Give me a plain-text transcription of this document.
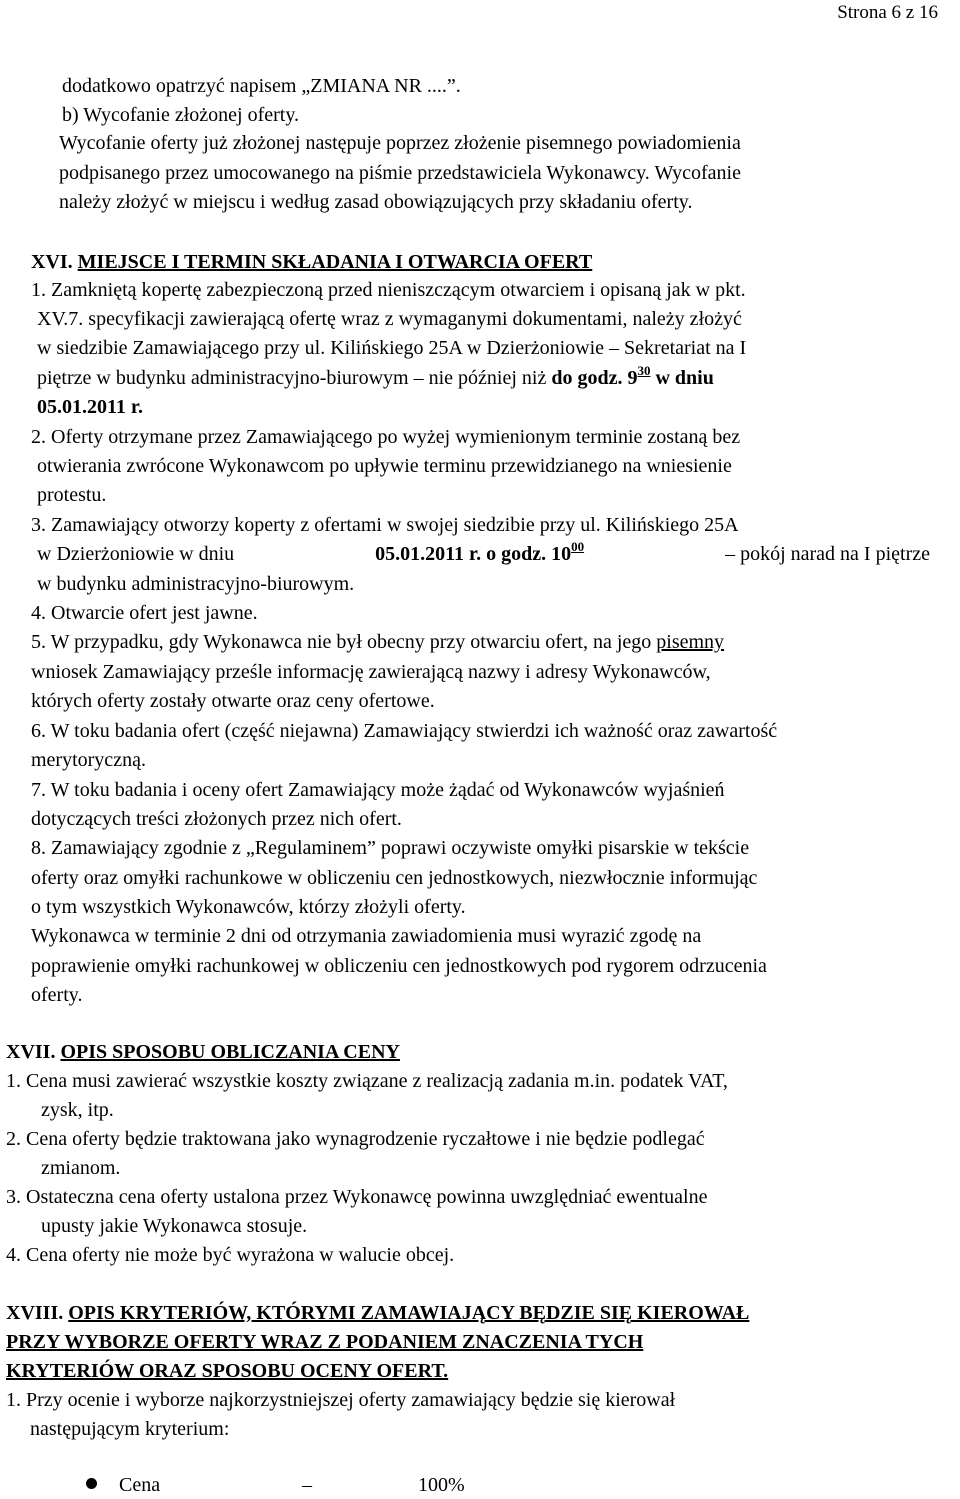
Strona 6 z 16
dodatkowo opatrzyć napisem „ZMIANA NR ....”.
b) Wycofanie złożonej oferty.
Wycofanie oferty już złożonej następuje poprzez złożenie pisemnego powiadomienia
podpisanego przez umocowanego na piśmie przedstawiciela Wykonawcy. Wycofanie
należy złożyć w miejscu i według zasad obowiązujących przy składaniu oferty.
XVI. MIEJSCE I TERMIN SKŁADANIA I OTWARCIA OFERT
1. Zamkniętą kopertę zabezpieczoną przed nieniszczącym otwarciem i opisaną jak w pkt.
XV.7. specyfikacji zawierającą ofertę wraz z wymaganymi dokumentami, należy złożyć
w siedzibie Zamawiającego przy ul. Kilińskiego 25A w Dzierżoniowie – Sekretariat na I
piętrze w budynku administracyjno-biurowym – nie później niż do godz. $9^{30}$ w dniu
05.01.2011 r.
2. Oferty otrzymane przez Zamawiającego po wyżej wymienionym terminie zostaną bez
otwierania zwrócone Wykonawcom po upływie terminu przewidzianego na wniesienie
protestu.
3. Zamawiający otworzy koperty z ofertami w swojej siedzibie przy ul. Kilińskiego 25A
w Dzierżoniowie w dniu	05.01.2011 r. o godz. $10^{00}$	– pokój narad na I piętrze
w budynku administracyjno-biurowym.
4. Otwarcie ofert jest jawne.
5. W przypadku, gdy Wykonawca nie był obecny przy otwarciu ofert, na jego pisemny
wniosek Zamawiający prześle informację zawierającą nazwy i adresy Wykonawców,
których oferty zostały otwarte oraz ceny ofertowe.
6. W toku badania ofert (część niejawna) Zamawiający stwierdzi ich ważność oraz zawartość
merytoryczną.
7. W toku badania i oceny ofert Zamawiający może żądać od Wykonawców wyjaśnień
dotyczących treści złożonych przez nich ofert.
8. Zamawiający zgodnie z „Regulaminem” poprawi oczywiste omyłki pisarskie w tekście
oferty oraz omyłki rachunkowe w obliczeniu cen jednostkowych, niezwłocznie informując
o tym wszystkich Wykonawców, którzy złożyli oferty.
Wykonawca w terminie 2 dni od otrzymania zawiadomienia musi wyrazić zgodę na
poprawienie omyłki rachunkowej w obliczeniu cen jednostkowych pod rygorem odrzucenia
oferty.
XVII. OPIS SPOSOBU OBLICZANIA CENY
1. Cena musi zawierać wszystkie koszty związane z realizacją zadania m.in. podatek VAT,
zysk, itp.
2. Cena oferty będzie traktowana jako wynagrodzenie ryczałtowe i nie będzie podlegać
zmianom.
3. Ostateczna cena oferty ustalona przez Wykonawcę powinna uwzględniać ewentualne
upusty jakie Wykonawca stosuje.
4. Cena oferty nie może być wyrażona w walucie obcej.
XVIII. OPIS KRYTERIÓW, KTÓRYMI ZAMAWIAJĄCY BĘDZIE SIĘ KIEROWAŁ
PRZY WYBORZE OFERTY WRAZ Z PODANIEM ZNACZENIA TYCH
KRYTERIÓW ORAZ SPOSOBU OCENY OFERT.
1. Przy ocenie i wyborze najkorzystniejszej oferty zamawiający będzie się kierował
następującym kryterium:
Cena	–	100%
